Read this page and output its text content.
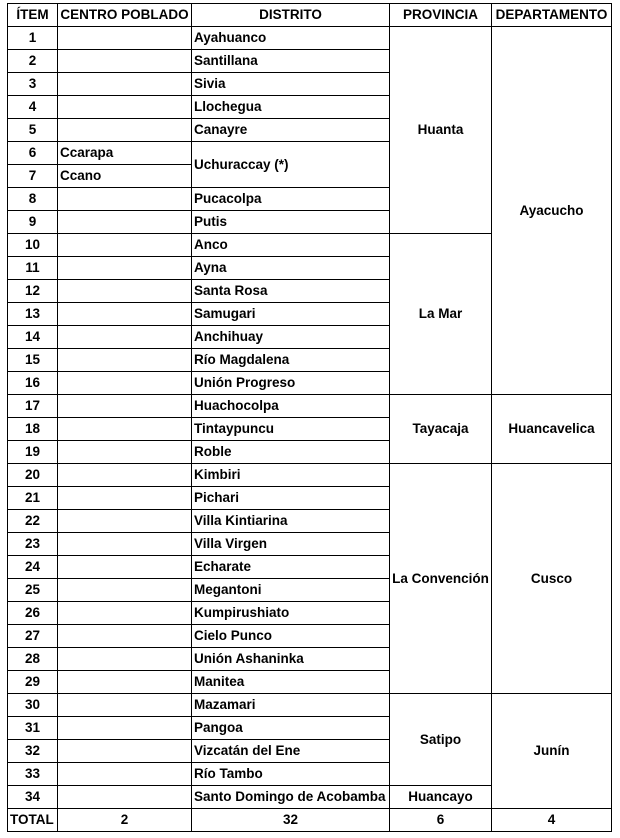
ÍTEM	CENTRO POBLADO	DISTRITO	PROVINCIA	DEPARTAMENTO
1		Ayahuanco	Huanta	Ayacucho
2		Santillana		
3		Sivia		
4		Llochegua		
5		Canayre		
6	Ccarapa	Uchuraccay (*)		
7	Ccano			
8		Pucacolpa		
9		Putis		
10		Anco	La Mar	
11		Ayna		
12		Santa Rosa		
13		Samugari		
14		Anchihuay		
15		Río Magdalena		
16		Unión Progreso		
17		Huachocolpa	Tayacaja	Huancavelica
18		Tintaypuncu		
19		Roble		
20		Kimbiri	La Convención	Cusco
21		Pichari		
22		Villa Kintiarina		
23		Villa Virgen		
24		Echarate		
25		Megantoni		
26		Kumpirushiato		
27		Cielo Punco		
28		Unión Ashaninka		
29		Manitea		
30		Mazamari	Satipo	Junín
31		Pangoa		
32		Vizcatán del Ene		
33		Río Tambo		
34		Santo Domingo de Acobamba	Huancayo	
TOTAL	2	32	6	4
